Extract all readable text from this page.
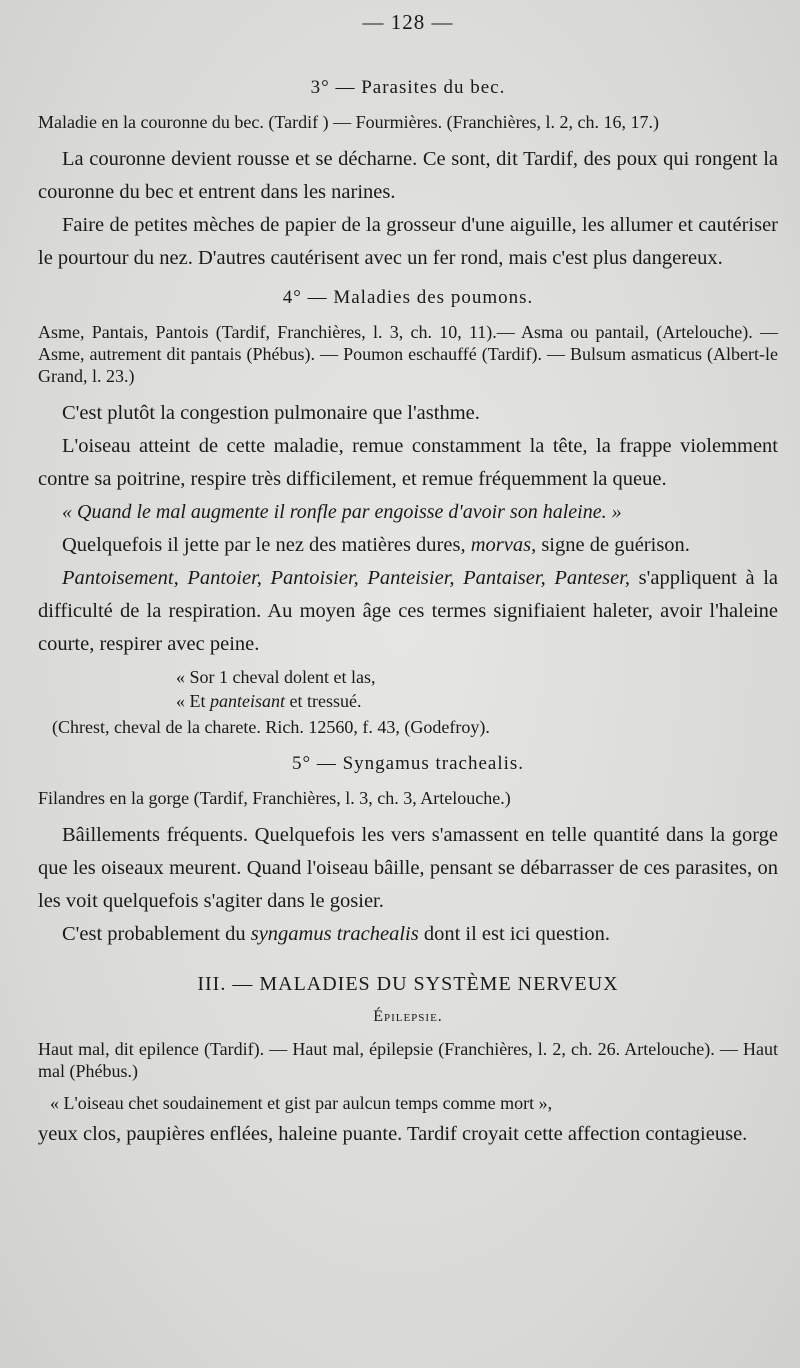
— 128 —
3° — Parasites du bec.

Maladie en la couronne du bec. (Tardif ) — Fourmières. (Franchières, l. 2, ch. 16, 17.)

La couronne devient rousse et se décharne. Ce sont, dit Tardif, des poux qui rongent la couronne du bec et entrent dans les narines.

Faire de petites mèches de papier de la grosseur d'une aiguille, les allumer et cautériser le pourtour du nez. D'autres cautérisent avec un fer rond, mais c'est plus dangereux.

4° — Maladies des poumons.

Asme, Pantais, Pantois (Tardif, Franchières, l. 3, ch. 10, 11).— Asma ou pantail, (Artelouche). — Asme, autrement dit pantais (Phébus). — Poumon eschauffé (Tardif). — Bulsum asmaticus (Albert-le Grand, l. 23.)

C'est plutôt la congestion pulmonaire que l'asthme.

L'oiseau atteint de cette maladie, remue constamment la tête, la frappe violemment contre sa poitrine, respire très difficilement, et remue fréquemment la queue.

« Quand le mal augmente il ronfle par engoisse d'avoir son haleine. »

Quelquefois il jette par le nez des matières dures, morvas, signe de guérison.

Pantoisement, Pantoier, Pantoisier, Panteisier, Pantaiser, Panteser, s'appliquent à la difficulté de la respiration. Au moyen âge ces termes signifiaient haleter, avoir l'haleine courte, respirer avec peine.

« Sor 1 cheval dolent et las,
« Et panteisant et tressué.
(Chrest, cheval de la charete. Rich. 12560, f. 43, (Godefroy).
5° — Syngamus trachealis.

Filandres en la gorge (Tardif, Franchières, l. 3, ch. 3, Artelouche.)

Bâillements fréquents. Quelquefois les vers s'amassent en telle quantité dans la gorge que les oiseaux meurent. Quand l'oiseau bâille, pensant se débarrasser de ces parasites, on les voit quelquefois s'agiter dans le gosier.

C'est probablement du syngamus trachealis dont il est ici question.

III. — MALADIES DU SYSTÈME NERVEUX
Épilepsie.

Haut mal, dit epilence (Tardif). — Haut mal, épilepsie (Franchières, l. 2, ch. 26. Artelouche). — Haut mal (Phébus.)

« L'oiseau chet soudainement et gist par aulcun temps comme mort »,

yeux clos, paupières enflées, haleine puante. Tardif croyait cette affection contagieuse.
